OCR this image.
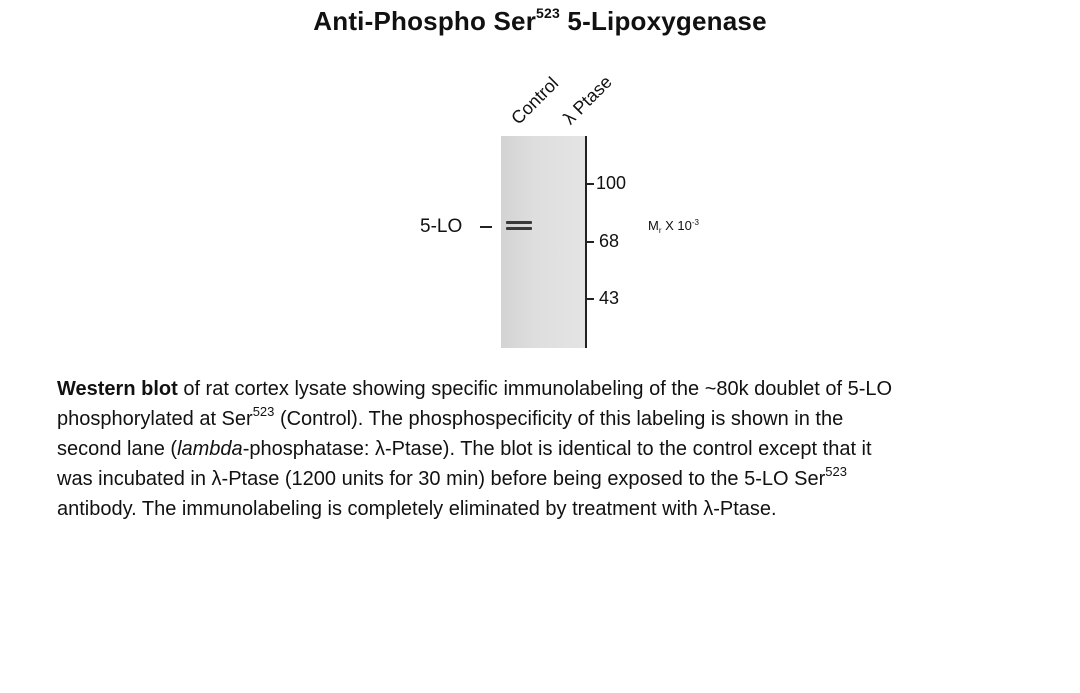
Anti-Phospho Ser$^{523}$ 5-Lipoxygenase
Control
λ Ptase
5-LO
100
68
43
$M_r$ X $10^{-3}$

Western blot of rat cortex lysate showing specific immunolabeling of the ~80k doublet of 5-LO

phosphorylated at Ser$^{523}$ (Control). The phosphospecificity of this labeling is shown in the

second lane (lambda-phosphatase: λ-Ptase). The blot is identical to the control except that it

was incubated in λ-Ptase (1200 units for 30 min) before being exposed to the 5-LO Ser$^{523}$

antibody. The immunolabeling is completely eliminated by treatment with λ-Ptase.
